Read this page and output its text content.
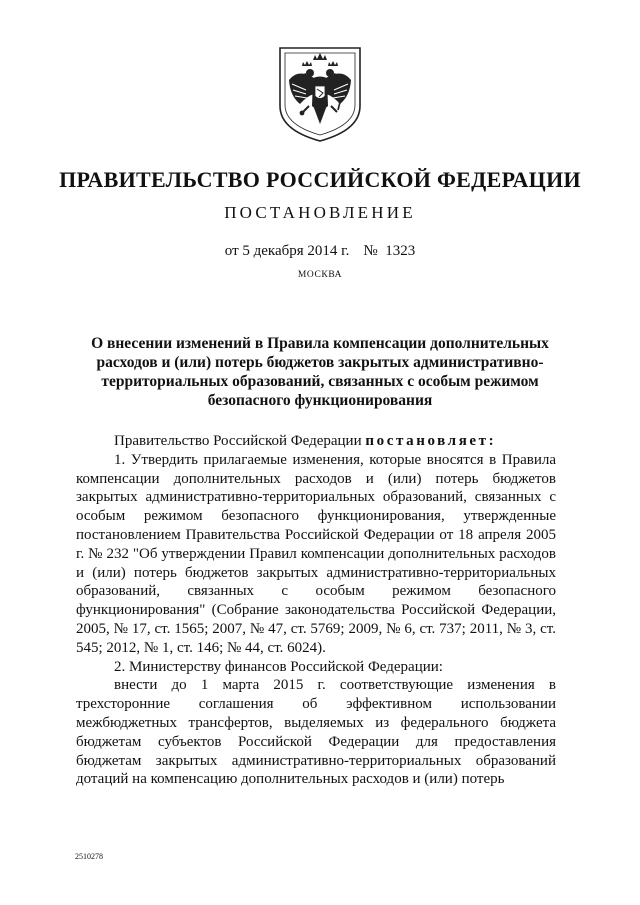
ПРАВИТЕЛЬСТВО РОССИЙСКОЙ ФЕДЕРАЦИИ
ПОСТАНОВЛЕНИЕ
от 5 декабря 2014 г. № 1323
МОСКВА
О внесении изменений в Правила компенсации дополнительных расходов и (или) потерь бюджетов закрытых административно-территориальных образований, связанных с особым режимом безопасного функционирования

Правительство Российской Федерации постановляет:

1. Утвердить прилагаемые изменения, которые вносятся в Правила компенсации дополнительных расходов и (или) потерь бюджетов закрытых административно-территориальных образований, связанных с особым режимом безопасного функционирования, утвержденные постановлением Правительства Российской Федерации от 18 апреля 2005 г. № 232 "Об утверждении Правил компенсации дополнительных расходов и (или) потерь бюджетов закрытых административно-территориальных образований, связанных с особым режимом безопасного функционирования" (Собрание законодательства Российской Федерации, 2005, № 17, ст. 1565; 2007, № 47, ст. 5769; 2009, № 6, ст. 737; 2011, № 3, ст. 545; 2012, № 1, ст. 146; № 44, ст. 6024).

2. Министерству финансов Российской Федерации:

внести до 1 марта 2015 г. соответствующие изменения в трехсторонние соглашения об эффективном использовании межбюджетных трансфертов, выделяемых из федерального бюджета бюджетам субъектов Российской Федерации для предоставления бюджетам закрытых административно-территориальных образований дотаций на компенсацию дополнительных расходов и (или) потерь

2510278
